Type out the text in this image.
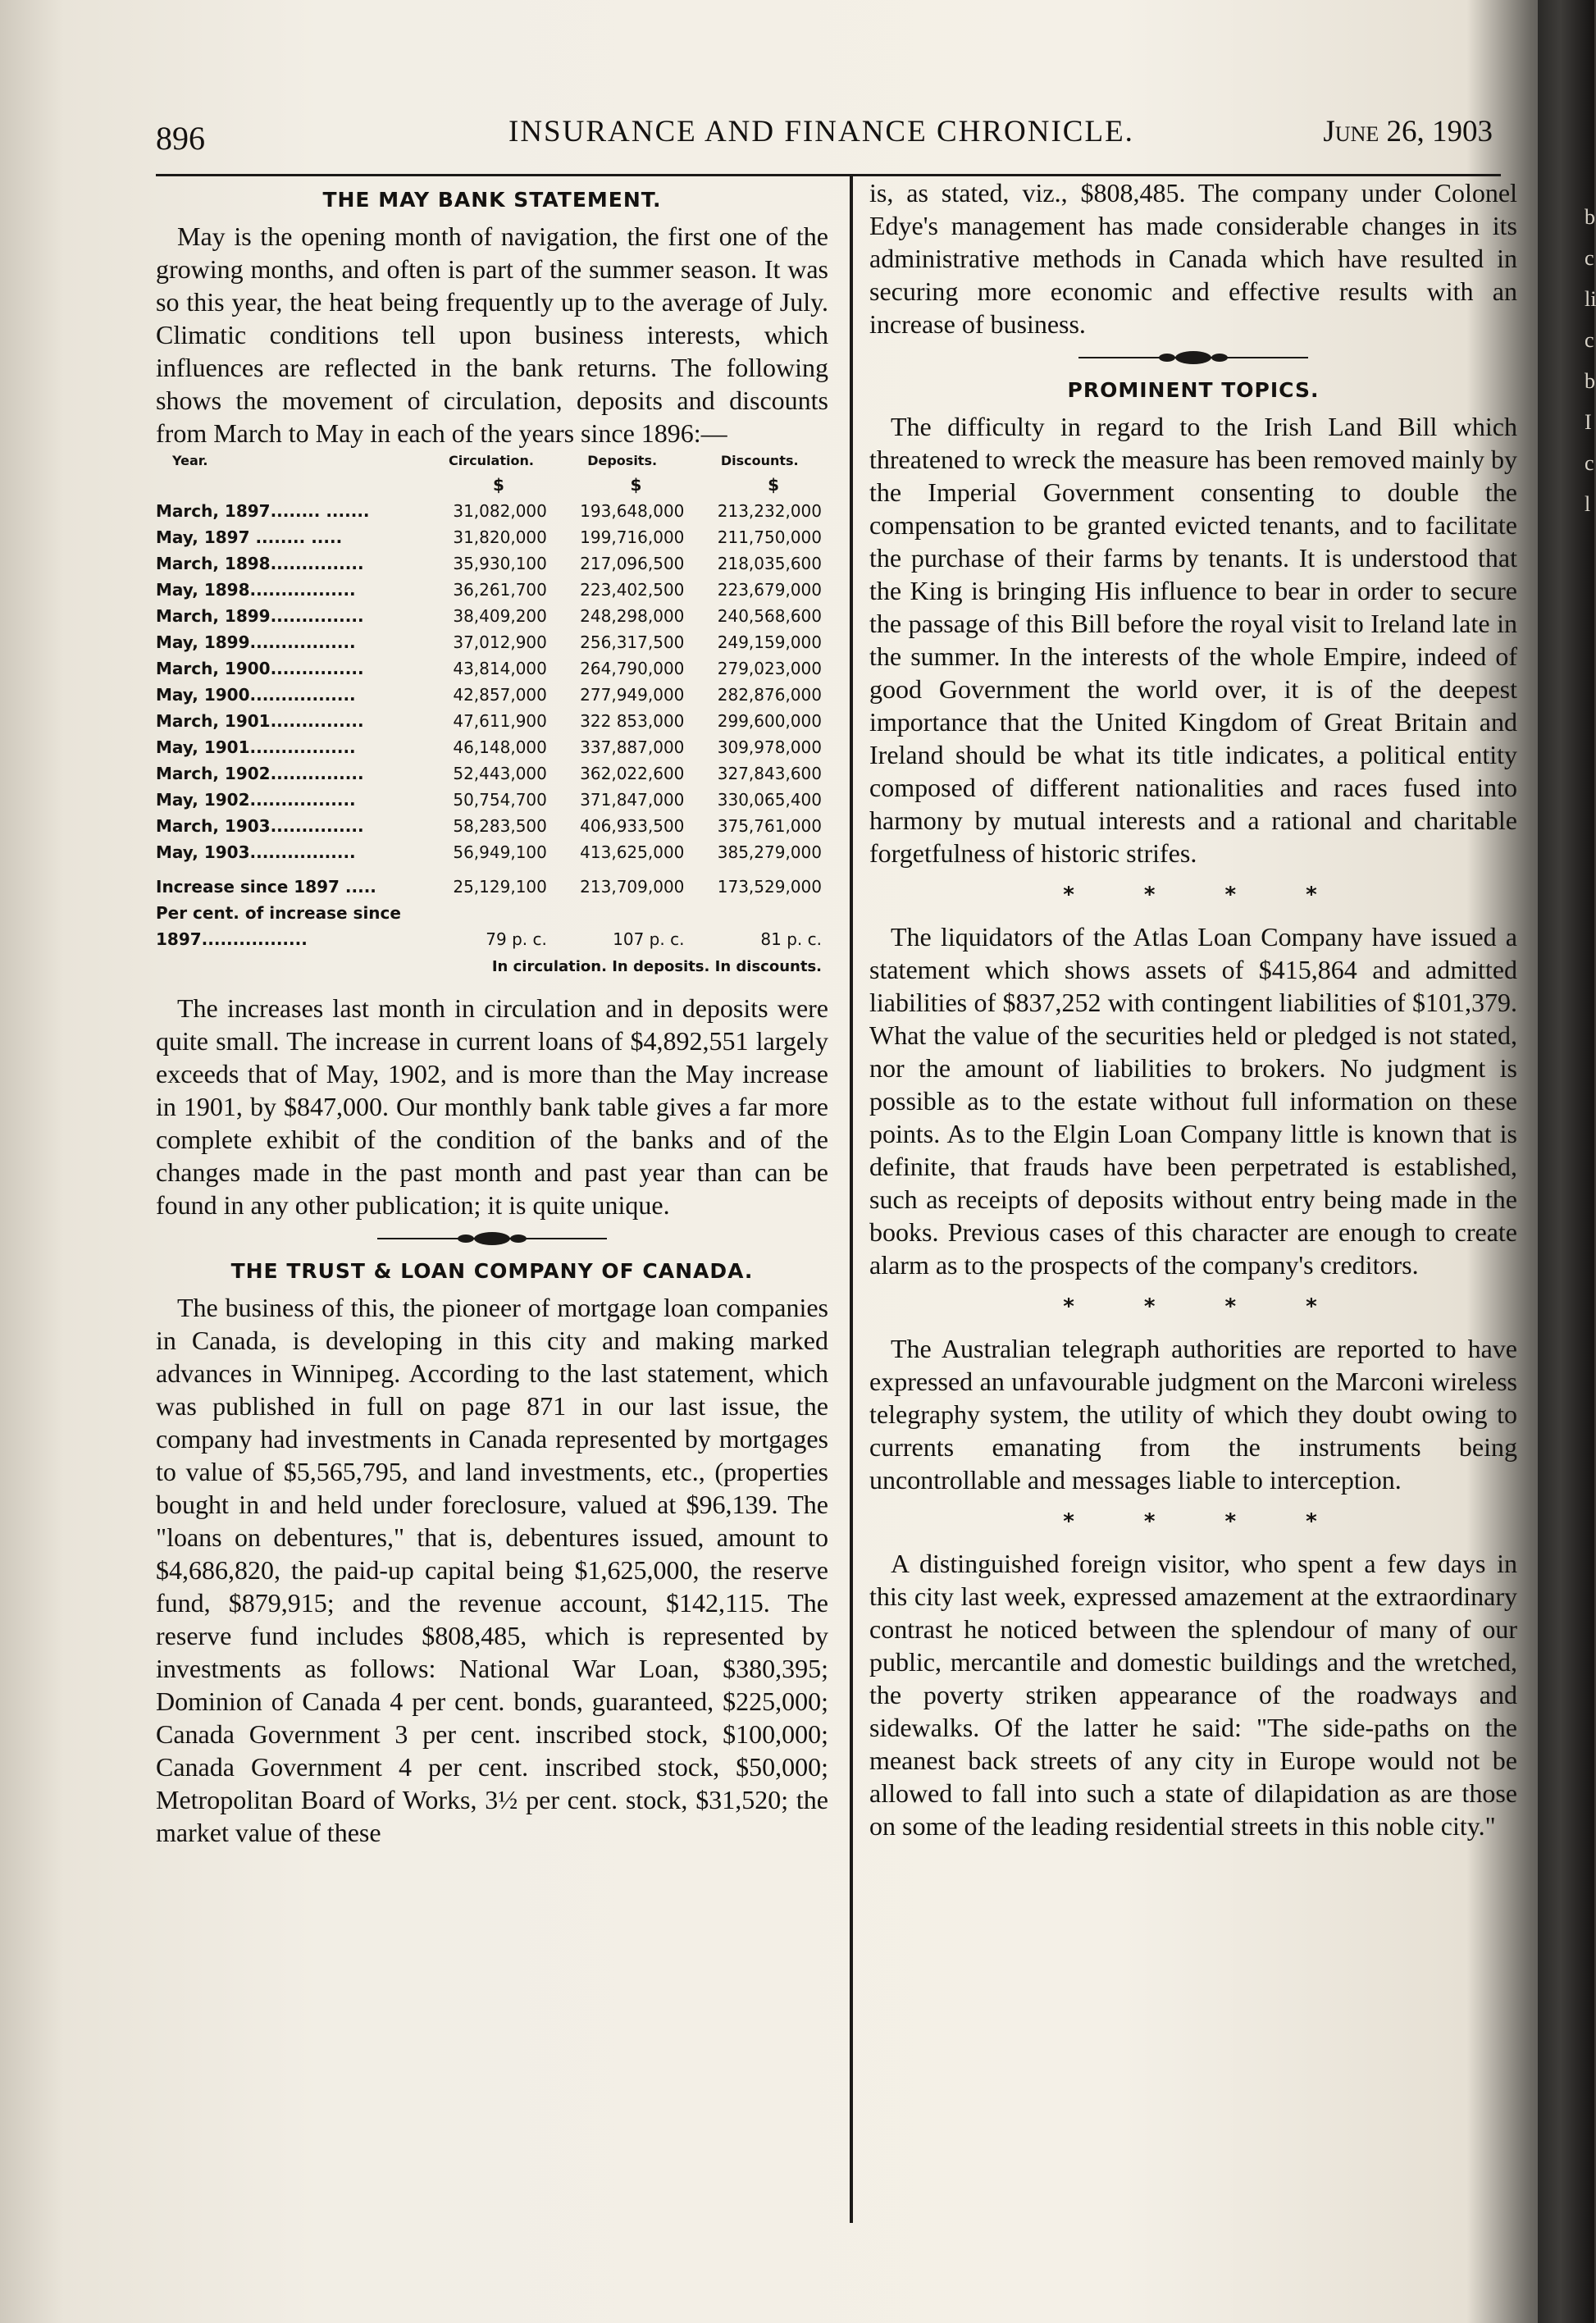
b
c
li
c
b
I
c
l
896	INSURANCE AND FINANCE CHRONICLE.	June 26, 1903
THE MAY BANK STATEMENT.

May is the opening month of navigation, the first one of the growing months, and often is part of the summer season. It was so this year, the heat being frequently up to the average of July. Climatic conditions tell upon business interests, which influences are reflected in the bank returns. The following shows the movement of circulation, deposits and discounts from March to May in each of the years since 1896:—

Year.	Circulation.	Deposits.	Discounts.
	$	$	$
March, 1897........ .......	31,082,000	193,648,000	213,232,000
May, 1897 ........ .....	31,820,000	199,716,000	211,750,000
March, 1898...............	35,930,100	217,096,500	218,035,600
May, 1898.................	36,261,700	223,402,500	223,679,000
March, 1899...............	38,409,200	248,298,000	240,568,600
May, 1899.................	37,012,900	256,317,500	249,159,000
March, 1900...............	43,814,000	264,790,000	279,023,000
May, 1900.................	42,857,000	277,949,000	282,876,000
March, 1901...............	47,611,900	322 853,000	299,600,000
May, 1901.................	46,148,000	337,887,000	309,978,000
March, 1902...............	52,443,000	362,022,600	327,843,600
May, 1902.................	50,754,700	371,847,000	330,065,400
March, 1903...............	58,283,500	406,933,500	375,761,000
May, 1903.................	56,949,100	413,625,000	385,279,000

Increase since 1897 .....	25,129,100	213,709,000	173,529,000
Per cent. of increase since			
1897.................	79 p. c.	107 p. c.	81 p. c.
In circulation. In deposits. In discounts.			

The increases last month in circulation and in deposits were quite small. The increase in current loans of $4,892,551 largely exceeds that of May, 1902, and is more than the May increase in 1901, by $847,000. Our monthly bank table gives a far more complete exhibit of the condition of the banks and of the changes made in the past month and past year than can be found in any other publication; it is quite unique.

THE TRUST & LOAN COMPANY OF CANADA.

The business of this, the pioneer of mortgage loan companies in Canada, is developing in this city and making marked advances in Winnipeg. According to the last statement, which was published in full on page 871 in our last issue, the company had investments in Canada represented by mortgages to value of $5,565,795, and land investments, etc., (properties bought in and held under foreclosure, valued at $96,139. The "loans on debentures," that is, debentures issued, amount to $4,686,820, the paid-up capital being $1,625,000, the reserve fund, $879,915; and the revenue account, $142,115. The reserve fund includes $808,485, which is represented by investments as follows: National War Loan, $380,395; Dominion of Canada 4 per cent. bonds, guaranteed, $225,000; Canada Government 3 per cent. inscribed stock, $100,000; Canada Government 4 per cent. inscribed stock, $50,000; Metropolitan Board of Works, 3½ per cent. stock, $31,520; the market value of these

is, as stated, viz., $808,485. The company under Colonel Edye's management has made considerable changes in its administrative methods in Canada which have resulted in securing more economic and effective results with an increase of business.

PROMINENT TOPICS.

The difficulty in regard to the Irish Land Bill which threatened to wreck the measure has been removed mainly by the Imperial Government consenting to double the compensation to be granted evicted tenants, and to facilitate the purchase of their farms by tenants. It is understood that the King is bringing His influence to bear in order to secure the passage of this Bill before the royal visit to Ireland late in the summer. In the interests of the whole Empire, indeed of good Government the world over, it is of the deepest importance that the United Kingdom of Great Britain and Ireland should be what its title indicates, a political entity composed of different nationalities and races fused into harmony by mutual interests and a rational and charitable forgetfulness of historic strifes.

* * * *

The liquidators of the Atlas Loan Company have issued a statement which shows assets of $415,864 and admitted liabilities of $837,252 with contingent liabilities of $101,379. What the value of the securities held or pledged is not stated, nor the amount of liabilities to brokers. No judgment is possible as to the estate without full information on these points. As to the Elgin Loan Company little is known that is definite, that frauds have been perpetrated is established, such as receipts of deposits without entry being made in the books. Previous cases of this character are enough to create alarm as to the prospects of the company's creditors.

* * * *

The Australian telegraph authorities are reported to have expressed an unfavourable judgment on the Marconi wireless telegraphy system, the utility of which they doubt owing to currents emanating from the instruments being uncontrollable and messages liable to interception.

* * * *

A distinguished foreign visitor, who spent a few days in this city last week, expressed amazement at the extraordinary contrast he noticed between the splendour of many of our public, mercantile and domestic buildings and the wretched, the poverty striken appearance of the roadways and sidewalks. Of the latter he said: "The side-paths on the meanest back streets of any city in Europe would not be allowed to fall into such a state of dilapidation as are those on some of the leading residential streets in this noble city."
